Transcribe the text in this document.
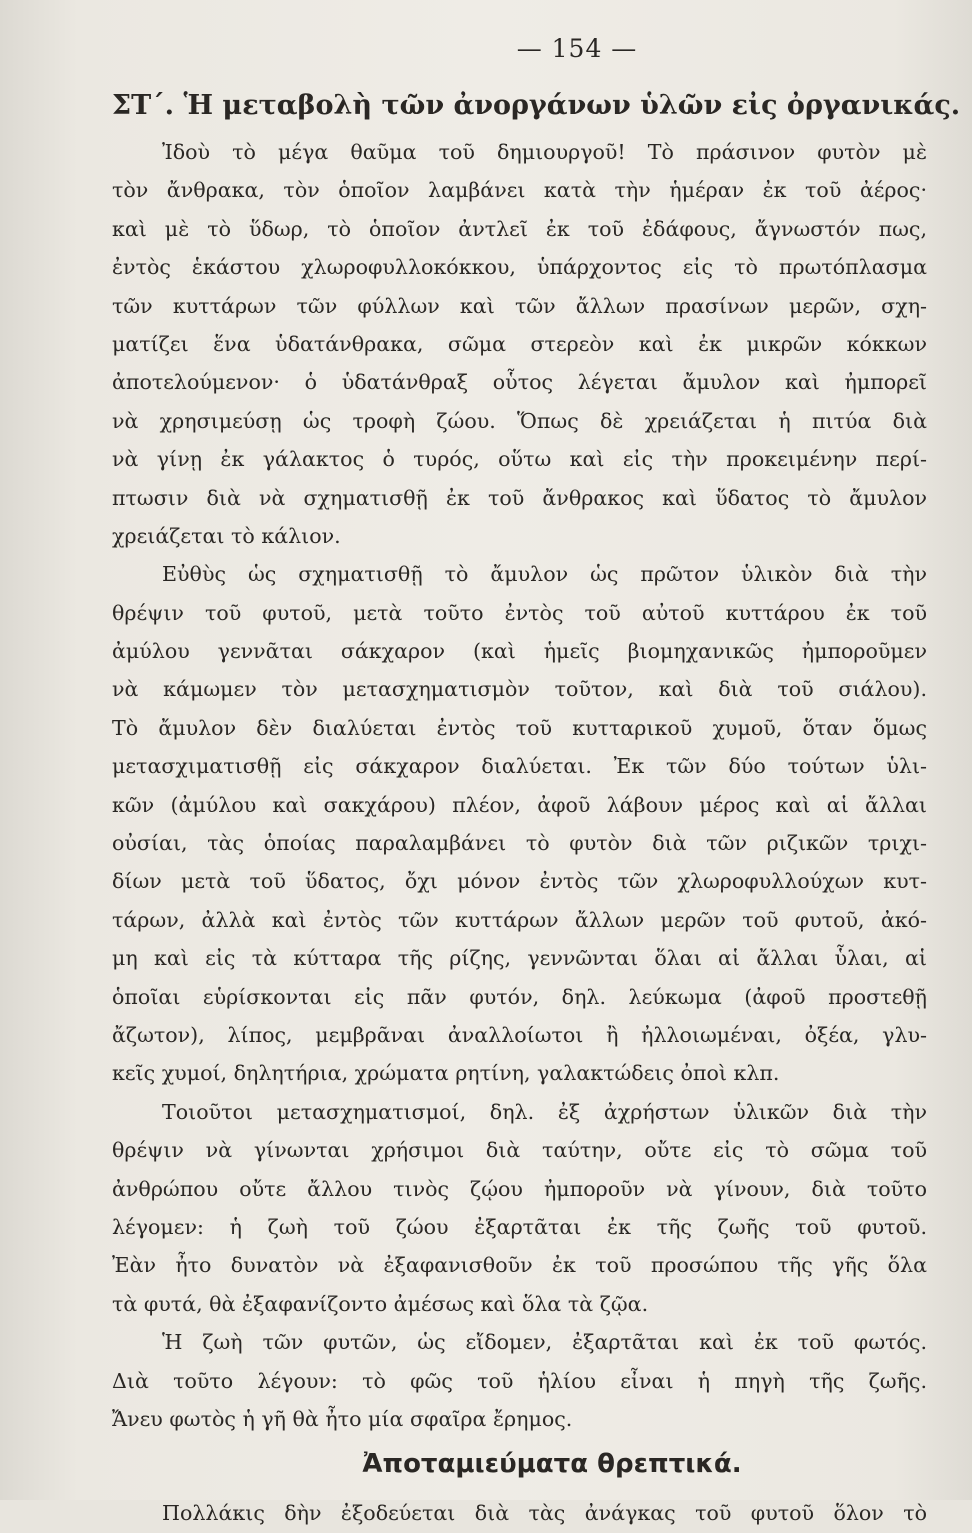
— 154 —
ΣΤ΄. Ἡ μεταβολὴ τῶν ἀνοργάνων ὑλῶν εἰς ὀργανικάς.
Ἰδοὺ τὸ μέγα θαῦμα τοῦ δημιουργοῦ! Τὸ πράσινον φυτὸν μὲ
τὸν ἄνθρακα, τὸν ὁποῖον λαμβάνει κατὰ τὴν ἡμέραν ἐκ τοῦ ἀέρος·
καὶ μὲ τὸ ὕδωρ, τὸ ὁποῖον ἀντλεῖ ἐκ τοῦ ἐδάφους, ἄγνωστόν πως,
ἐντὸς ἑκάστου χλωροφυλλοκόκκου, ὑπάρχοντος εἰς τὸ πρωτόπλασμα
τῶν κυττάρων τῶν φύλλων καὶ τῶν ἄλλων πρασίνων μερῶν, σχη-
ματίζει ἕνα ὑδατάνθρακα, σῶμα στερεὸν καὶ ἐκ μικρῶν κόκκων
ἀποτελούμενον· ὁ ὑδατάνθραξ οὗτος λέγεται ἄμυλον καὶ ἠμπορεῖ
νὰ χρησιμεύσῃ ὡς τροφὴ ζώου. Ὅπως δὲ χρειάζεται ἡ πιτύα διὰ
νὰ γίνῃ ἐκ γάλακτος ὁ τυρός, οὕτω καὶ εἰς τὴν προκειμένην περί-
πτωσιν διὰ νὰ σχηματισθῇ ἐκ τοῦ ἄνθρακος καὶ ὕδατος τὸ ἄμυλον
χρειάζεται τὸ κάλιον.
Εὐθὺς ὡς σχηματισθῇ τὸ ἄμυλον ὡς πρῶτον ὑλικὸν διὰ τὴν
θρέψιν τοῦ φυτοῦ, μετὰ τοῦτο ἐντὸς τοῦ αὐτοῦ κυττάρου ἐκ τοῦ
ἀμύλου γεννᾶται σάκχαρον (καὶ ἡμεῖς βιομηχανικῶς ἠμποροῦμεν
νὰ κάμωμεν τὸν μετασχηματισμὸν τοῦτον, καὶ διὰ τοῦ σιάλου).
Τὸ ἄμυλον δὲν διαλύεται ἐντὸς τοῦ κυτταρικοῦ χυμοῦ, ὅταν ὅμως
μετασχιματισθῇ εἰς σάκχαρον διαλύεται. Ἐκ τῶν δύο τούτων ὑλι-
κῶν (ἀμύλου καὶ σακχάρου) πλέον, ἀφοῦ λάβουν μέρος καὶ αἱ ἄλλαι
οὐσίαι, τὰς ὁποίας παραλαμβάνει τὸ φυτὸν διὰ τῶν ριζικῶν τριχι-
δίων μετὰ τοῦ ὕδατος, ὄχι μόνον ἐντὸς τῶν χλωροφυλλούχων κυτ-
τάρων, ἀλλὰ καὶ ἐντὸς τῶν κυττάρων ἄλλων μερῶν τοῦ φυτοῦ, ἀκό-
μη καὶ εἰς τὰ κύτταρα τῆς ρίζης, γεννῶνται ὅλαι αἱ ἄλλαι ὗλαι, αἱ
ὁποῖαι εὑρίσκονται εἰς πᾶν φυτόν, δηλ. λεύκωμα (ἀφοῦ προστεθῇ
ἄζωτον), λίπος, μεμβρᾶναι ἀναλλοίωτοι ἢ ἠλλοιωμέναι, ὀξέα, γλυ-
κεῖς χυμοί, δηλητήρια, χρώματα ρητίνη, γαλακτώδεις ὀποὶ κλπ.
Τοιοῦτοι μετασχηματισμοί, δηλ. ἐξ ἀχρήστων ὑλικῶν διὰ τὴν
θρέψιν νὰ γίνωνται χρήσιμοι διὰ ταύτην, οὔτε εἰς τὸ σῶμα τοῦ
ἀνθρώπου οὔτε ἄλλου τινὸς ζῴου ἠμποροῦν νὰ γίνουν, διὰ τοῦτο
λέγομεν: ἡ ζωὴ τοῦ ζώου ἐξαρτᾶται ἐκ τῆς ζωῆς τοῦ φυτοῦ.
Ἐὰν ἦτο δυνατὸν νὰ ἐξαφανισθοῦν ἐκ τοῦ προσώπου τῆς γῆς ὅλα
τὰ φυτά, θὰ ἐξαφανίζοντο ἀμέσως καὶ ὅλα τὰ ζῷα.
Ἡ ζωὴ τῶν φυτῶν, ὡς εἴδομεν, ἐξαρτᾶται καὶ ἐκ τοῦ φωτός.
Διὰ τοῦτο λέγουν: τὸ φῶς τοῦ ἡλίου εἶναι ἡ πηγὴ τῆς ζωῆς.
Ἄνευ φωτὸς ἡ γῆ θὰ ἦτο μία σφαῖρα ἔρημος.
Ἀποταμιεύματα θρεπτικά.
Πολλάκις δὴν ἐξοδεύεται διὰ τὰς ἀνάγκας τοῦ φυτοῦ ὅλον τὸ
